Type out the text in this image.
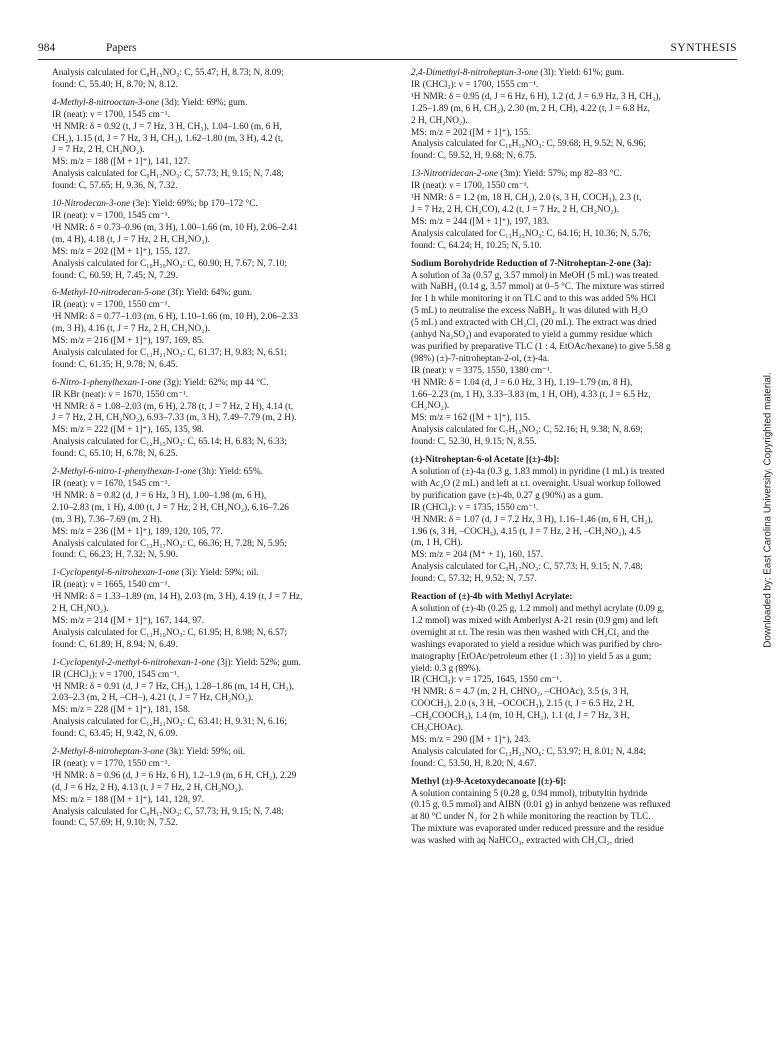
984	Papers	SYNTHESIS

Analysis calculated for C₈H₁₅NO₃: C, 55.47; H, 8.73; N, 8.09;

found: C, 55.40; H, 8.70; N, 8.12.

4-Methyl-8-nitrooctan-3-one (3d): Yield: 69%; gum.

IR (neat): ν = 1700, 1545 cm⁻¹.

¹H NMR: δ = 0.92 (t, J = 7 Hz, 3 H, CH₃), 1.04–1.60 (m, 6 H,

CH₂), 1.15 (d, J = 7 Hz, 3 H, CH₃), 1.62–1.80 (m, 3 H), 4.2 (t,

J = 7 Hz, 2 H, CH₂NO₂).

MS: m/z = 188 ([M + 1]⁺), 141, 127.

Analysis calculated for C₉H₁₇NO₃: C, 57.73; H, 9.15; N, 7.48;

found: C, 57.65; H, 9.36, N, 7.32.

10-Nitrodecan-3-one (3e): Yield: 69%; bp 170–172 °C.

IR (neat): ν = 1700, 1545 cm⁻¹.

¹H NMR: δ = 0.73–0.96 (m, 3 H), 1.00–1.66 (m, 10 H), 2.06–2.41

(m, 4 H), 4.18 (t, J = 7 Hz, 2 H, CH₂NO₂).

MS: m/z = 202 ([M + 1]⁺), 155, 127.

Analysis calculated for C₁₀H₁₉NO₃: C, 60.90; H, 7.67; N, 7.10;

found: C, 60.59; H, 7.45; N, 7.29.

6-Methyl-10-nitrodecan-5-one (3f): Yield: 64%; gum.

IR (neat): ν = 1700, 1550 cm⁻¹.

¹H NMR: δ = 0.77–1.03 (m, 6 H), 1.10–1.66 (m, 10 H), 2.06–2.33

(m, 3 H), 4.16 (t, J = 7 Hz, 2 H, CH₂NO₂).

MS: m/z = 216 ([M + 1]⁺), 197, 169, 85.

Analysis calculated for C₁₁H₂₁NO₃: C, 61.37; H, 9.83; N, 6.51;

found: C, 61.35; H, 9.78; N, 6.45.

6-Nitro-1-phenylhexan-1-one (3g): Yield: 62%; mp 44 °C.

IR KBr (neat): ν = 1670, 1550 cm⁻¹.

¹H NMR: δ = 1.08–2.03 (m, 6 H), 2.78 (t, J = 7 Hz, 2 H), 4.14 (t,

J = 7 Hz, 2 H, CH₂NO₂), 6.93–7.33 (m, 3 H), 7.49–7.79 (m, 2 H).

MS: m/z = 222 ([M + 1]⁺), 165, 135, 98.

Analysis calculated for C₁₂H₁₅NO₃: C, 65.14; H, 6.83; N, 6.33;

found: C, 65.10; H, 6.78; N, 6.25.

2-Methyl-6-nitro-1-phenylhexan-1-one (3h): Yield: 65%.

IR (neat): ν = 1670, 1545 cm⁻¹.

¹H NMR: δ = 0.82 (d, J = 6 Hz, 3 H), 1.00–1.98 (m, 6 H),

2.10–2.83 (m, 1 H), 4.00 (t, J = 7 Hz, 2 H, CH₂NO₂), 6.16–7.26

(m, 3 H), 7.36–7.69 (m, 2 H).

MS: m/z = 236 ([M + 1]⁺), 189, 120, 105, 77.

Analysis calculated for C₁₃H₁₇NO₃: C, 66.36; H, 7.28; N, 5.95;

found: C, 66.23; H, 7.32; N, 5.90.

1-Cyclopentyl-6-nitrohexan-1-one (3i): Yield: 59%; oil.

IR (neat): ν = 1665, 1540 cm⁻¹.

¹H NMR: δ = 1.33–1.89 (m, 14 H), 2.03 (m, 3 H), 4.19 (t, J = 7 Hz,

2 H, CH₂NO₂).

MS: m/z = 214 ([M + 1]⁺), 167, 144, 97.

Analysis calculated for C₁₁H₁₉NO₃: C, 61.95; H, 8.98; N, 6.57;

found: C, 61.89; H, 8.94; N, 6.49.

1-Cyclopentyl-2-methyl-6-nitrohexan-1-one (3j): Yield: 52%; gum.

IR (CHCl₃): ν = 1700, 1545 cm⁻¹.

¹H NMR: δ = 0.91 (d, J = 7 Hz, CH₃), 1.28–1.86 (m, 14 H, CH₂),

2.03–2.3 (m, 2 H, –CH–), 4.21 (t, J = 7 Hz, CH₂NO₂).

MS: m/z = 228 ([M + 1]⁺), 181, 158.

Analysis calculated for C₁₂H₂₁NO₃: C, 63.41; H, 9.31; N, 6.16;

found: C, 63.45; H, 9.42, N, 6.09.

2-Methyl-8-nitroheptan-3-one (3k): Yield: 59%; oil.

IR (neat): ν = 1770, 1550 cm⁻¹.

¹H NMR: δ = 0.96 (d, J = 6 Hz, 6 H), 1.2–1.9 (m, 6 H, CH₂), 2.29

(d, J = 6 Hz, 2 H), 4.13 (t, J = 7 Hz, 2 H, CH₂NO₂).

MS: m/z = 188 ([M + 1]⁺), 141, 128, 97.

Analysis calculated for C₉H₁₇NO₃: C, 57.73; H, 9.15; N, 7.48;

found: C, 57.69; H, 9.10; N, 7.52.

2,4-Dimethyl-8-nitroheptan-3-one (3l): Yield: 61%; gum.

IR (CHCl₃): ν = 1700, 1555 cm⁻¹.

¹H NMR: δ = 0.95 (d, J = 6 Hz, 6 H), 1.2 (d, J = 6.9 Hz, 3 H, CH₃),

1.25–1.89 (m, 6 H, CH₂), 2.30 (m, 2 H, CH), 4.22 (t, J = 6.8 Hz,

2 H, CH₂NO₂).

MS: m/z = 202 ([M + 1]⁺), 155.

Analysis calculated for C₁₀H₁₉NO₃: C, 59.68; H, 9.52; N, 6.96;

found: C, 59.52, H, 9.68; N, 6.75.

13-Nitrotridecan-2-one (3m): Yield: 57%; mp 82–83 °C.

IR (neat): ν = 1700, 1550 cm⁻¹.

¹H NMR: δ = 1.2 (m, 18 H, CH₂), 2.0 (s, 3 H, COCH₃), 2.3 (t,

J = 7 Hz, 2 H, CH₂CO), 4.2 (t, J = 7 Hz, 2 H, CH₂NO₂).

MS: m/z = 244 ([M + 1]⁺), 197, 183.

Analysis calculated for C₁₃H₂₅NO₃: C, 64.16; H, 10.36; N, 5.76;

found: C, 64.24; H, 10.25; N, 5.10.

Sodium Borohydride Reduction of 7-Nitroheptan-2-one (3a):

A solution of 3a (0.57 g, 3.57 mmol) in MeOH (5 mL) was treated

with NaBH₄ (0.14 g, 3.57 mmol) at 0–5 °C. The mixture was stirred

for 1 h while monitoring it on TLC and to this was added 5% HCl

(5 mL) to neutralise the excess NaBH₄. It was diluted with H₂O

(5 mL) and extracted with CH₂Cl₂ (20 mL). The extract was dried

(anhyd Na₂SO₄) and evaporated to yield a gummy residue which

was purified by preparative TLC (1 : 4, EtOAc/hexane) to give 5.58 g

(98%) (±)-7-nitroheptan-2-ol, (±)-4a.

IR (neat): ν = 3375, 1550, 1380 cm⁻¹.

¹H NMR: δ = 1.04 (d, J = 6.0 Hz, 3 H), 1.19–1.79 (m, 8 H),

1.66–2.23 (m, 1 H), 3.33–3.83 (m, 1 H, OH), 4.33 (t, J = 6.5 Hz,

CH₂NO₂).

MS: m/z = 162 ([M + 1]⁺), 115.

Analysis calculated for C₇H₁₅NO₃: C, 52.16; H, 9.38; N, 8.69;

found: C, 52.30, H, 9.15; N, 8.55.

(±)-Nitroheptan-6-ol Acetate [(±)-4b]:

A solution of (±)-4a (0.3 g, 1.83 mmol) in pyridine (1 mL) is treated

with Ac₂O (2 mL) and left at r.t. overnight. Usual workup followed

by purification gave (±)-4b, 0.27 g (90%) as a gum.

IR (CHCl₃): ν = 1735, 1550 cm⁻¹.

¹H NMR: δ = 1.07 (d, J = 7.2 Hz, 3 H), 1.16–1.46 (m, 6 H, CH₂),

1.96 (s, 3 H, –COCH₃), 4.15 (t, J = 7 Hz, 2 H, –CH₂NO₂), 4.5

(m, 1 H, CH).

MS: m/z = 204 (M⁺ + 1), 160, 157.

Analysis calculated for C₉H₁₇NO₃: C, 57.73; H, 9.15; N, 7.48;

found: C, 57.32; H, 9.52; N, 7.57.

Reaction of (±)-4b with Methyl Acrylate:

A solution of (±)-4b (0.25 g, 1.2 mmol) and methyl acrylate (0.09 g,

1.2 mmol) was mixed with Amberlyst A-21 resin (0.9 gm) and left

overnight at r.t. The resin was then washed with CH₂Cl₂ and the

washings evaporated to yield a residue which was purified by chro-

matography [EtOAc/petroleum ether (1 : 3)] to yield 5 as a gum;

yield: 0.3 g (89%).

IR (CHCl₃): ν = 1725, 1645, 1550 cm⁻¹.

¹H NMR: δ = 4.7 (m, 2 H, CHNO₂, –CHOAc), 3.5 (s, 3 H,

COOCH₃), 2.0 (s, 3 H, –OCOCH₃), 2.15 (t, J = 6.5 Hz, 2 H,

–CH₂COOCH₃), 1.4 (m, 10 H, CH₂), 1.1 (d, J = 7 Hz, 3 H,

CH₃CHOAc).

MS: m/z = 290 ([M + 1]⁺), 243.

Analysis calculated for C₁₃H₂₃NO₆: C, 53.97; H, 8.01; N, 4.84;

found: C, 53.50, H, 8.20; N, 4.67.

Methyl (±)-9-Acetoxydecanoate [(±)-6]:

A solution containing 5 (0.28 g, 0.94 mmol), tributyltin hydride

(0.15 g, 0.5 mmol) and AIBN (0.01 g) in anhyd benzene was refluxed

at 80 °C under N₂ for 2 h while monitoring the reaction by TLC.

The mixture was evaporated under reduced pressure and the residue

was washed with aq NaHCO₃, extracted with CH₂Cl₂, dried

Downloaded by: East Carolina University. Copyrighted material.
